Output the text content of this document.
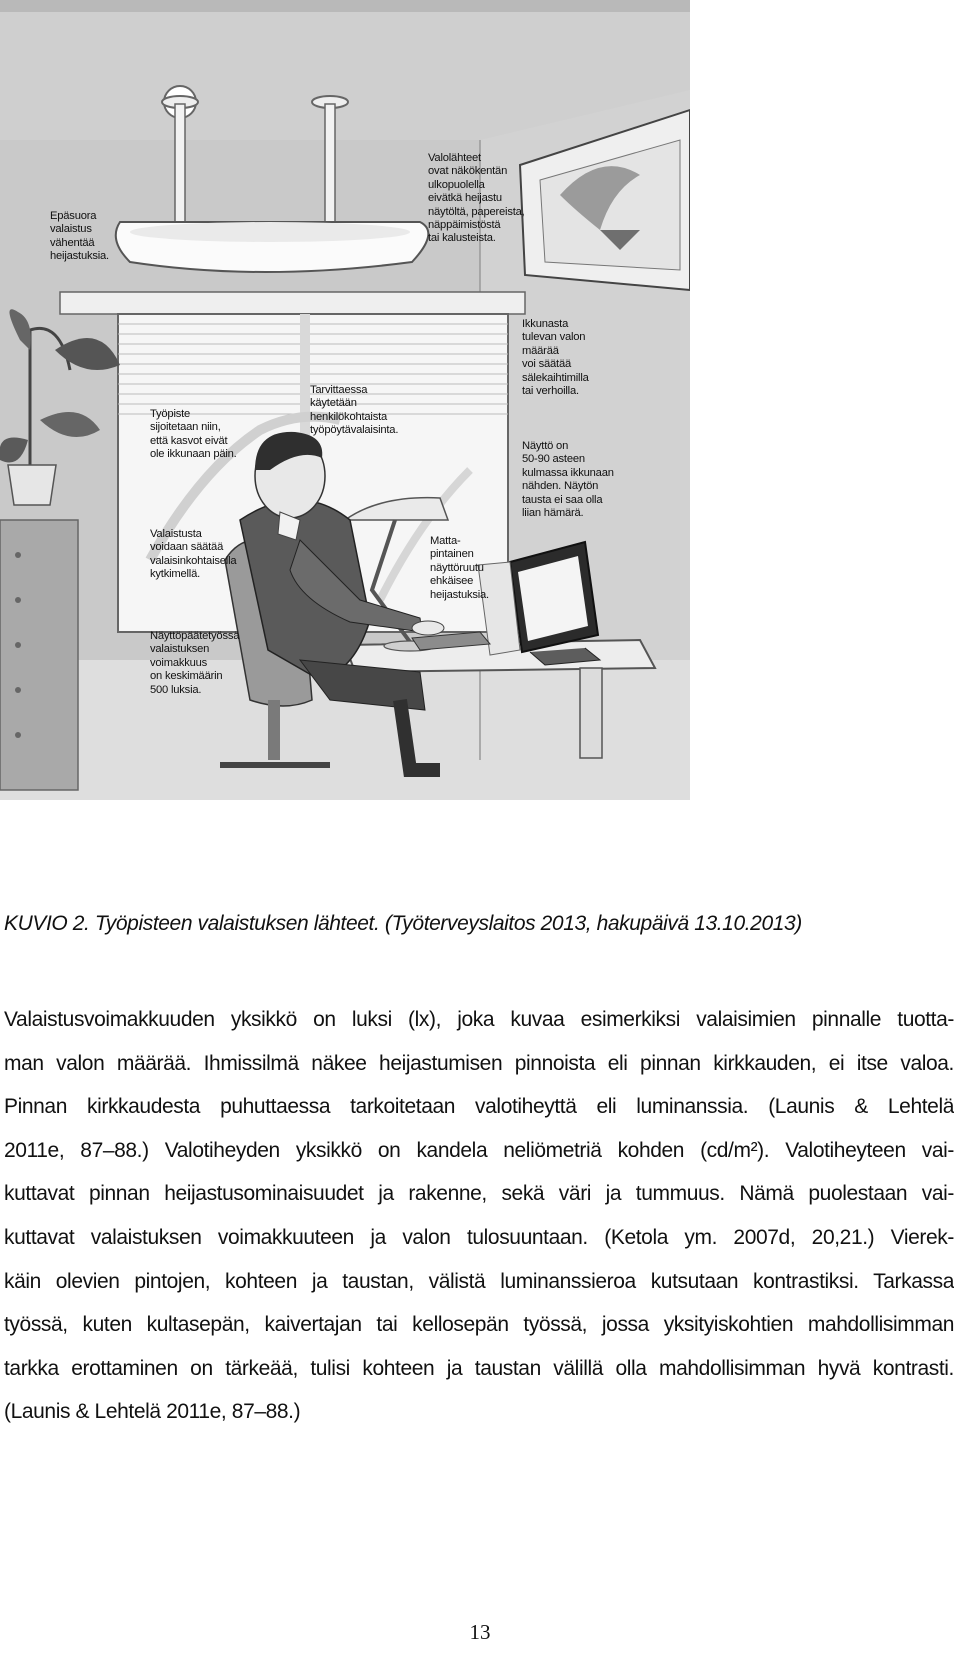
Epäsuora
valaistus
vähentää
heijastuksia.
Valolähteet
ovat näkökentän
ulkopuolella
eivätkä heijastu
näytöltä, papereista,
näppäimistöstä
tai kalusteista.
Ikkunasta
tulevan valon
määrää
voi säätää
sälekaihtimilla
tai verhoilla.
Tarvittaessa
käytetään
henkilökohtaista
työpöytävalaisinta.
Työpiste
sijoitetaan niin,
että kasvot eivät
ole ikkunaan päin.
Näyttö on
50-90 asteen
kulmassa ikkunaan
nähden. Näytön
tausta ei saa olla
liian hämärä.
Valaistusta
voidaan säätää
valaisinkohtaisella
kytkimellä.
Matta-
pintainen
näyttöruutu
ehkäisee
heijastuksia.
Näyttöpäätetyössä
valaistuksen
voimakkuus
on keskimäärin
500 luksia.
KUVIO 2. Työpisteen valaistuksen lähteet. (Työterveyslaitos 2013, hakupäivä 13.10.2013)
Valaistusvoimakkuuden yksikkö on luksi (lx), joka kuvaa esimerkiksi valaisimien pinnalle tuotta-
man valon määrää. Ihmissilmä näkee heijastumisen pinnoista eli pinnan kirkkauden, ei itse valoa.
Pinnan kirkkaudesta puhuttaessa tarkoitetaan valotiheyttä eli luminanssia. (Launis & Lehtelä
2011e, 87–88.) Valotiheyden yksikkö on kandela neliömetriä kohden (cd/m²). Valotiheyteen vai-
kuttavat pinnan heijastusominaisuudet ja rakenne, sekä väri ja tummuus. Nämä puolestaan vai-
kuttavat valaistuksen voimakkuuteen ja valon tulosuuntaan. (Ketola ym. 2007d, 20,21.) Vierek-
käin olevien pintojen, kohteen ja taustan, välistä luminanssieroa kutsutaan kontrastiksi. Tarkassa
työssä, kuten kultasepän, kaivertajan tai kellosepän työssä, jossa yksityiskohtien mahdollisimman
tarkka erottaminen on tärkeää, tulisi kohteen ja taustan välillä olla mahdollisimman hyvä kontrasti.
(Launis & Lehtelä 2011e, 87–88.)
13
